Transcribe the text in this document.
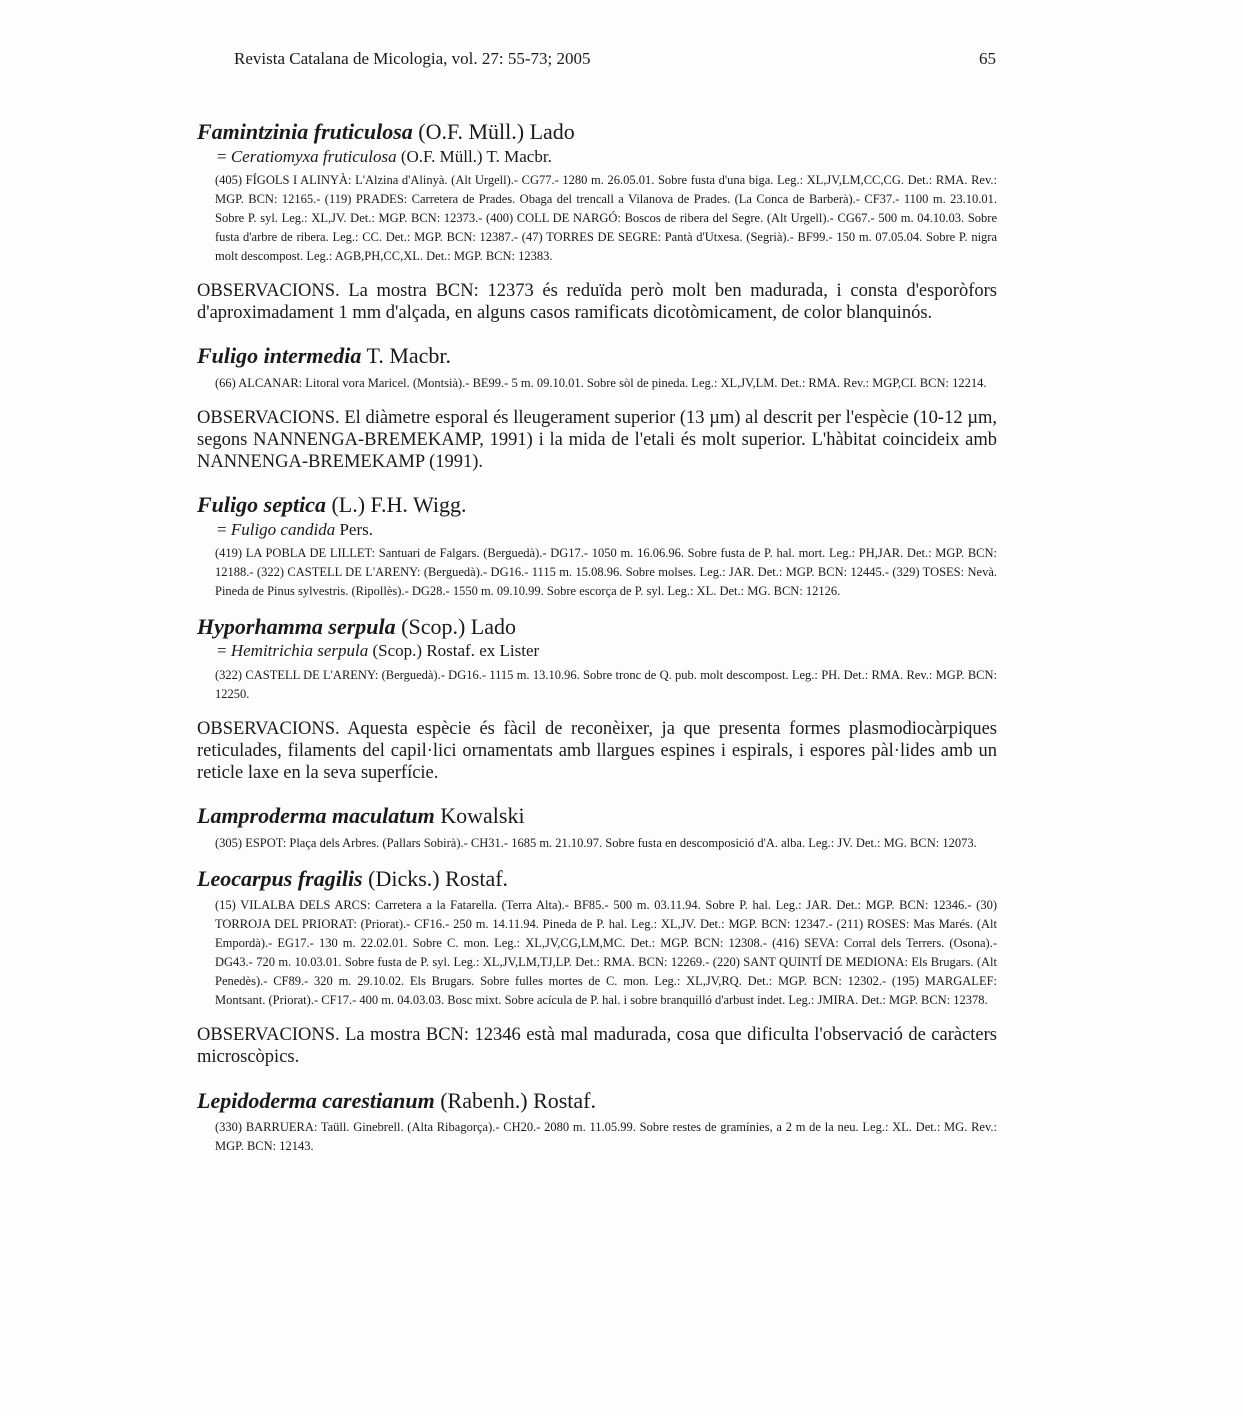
Revista Catalana de Micologia, vol. 27: 55-73; 2005	65

Famintzinia fruticulosa (O.F. Müll.) Lado

= Ceratiomyxa fruticulosa (O.F. Müll.) T. Macbr.

(405) FÍGOLS I ALINYÀ: L'Alzina d'Alinyà. (Alt Urgell).- CG77.- 1280 m. 26.05.01. Sobre fusta d'una biga. Leg.: XL,JV,LM,CC,CG. Det.: RMA. Rev.: MGP. BCN: 12165.- (119) PRADES: Carretera de Prades. Obaga del trencall a Vilanova de Prades. (La Conca de Barberà).- CF37.- 1100 m. 23.10.01. Sobre P. syl. Leg.: XL,JV. Det.: MGP. BCN: 12373.- (400) COLL DE NARGÓ: Boscos de ribera del Segre. (Alt Urgell).- CG67.- 500 m. 04.10.03. Sobre fusta d'arbre de ribera. Leg.: CC. Det.: MGP. BCN: 12387.- (47) TORRES DE SEGRE: Pantà d'Utxesa. (Segrià).- BF99.- 150 m. 07.05.04. Sobre P. nigra molt descompost. Leg.: AGB,PH,CC,XL. Det.: MGP. BCN: 12383.

OBSERVACIONS. La mostra BCN: 12373 és reduïda però molt ben madurada, i consta d'esporòfors d'aproximadament 1 mm d'alçada, en alguns casos ramificats dicotòmicament, de color blanquinós.

Fuligo intermedia T. Macbr.

(66) ALCANAR: Litoral vora Maricel. (Montsià).- BE99.- 5 m. 09.10.01. Sobre sòl de pineda. Leg.: XL,JV,LM. Det.: RMA. Rev.: MGP,CI. BCN: 12214.

OBSERVACIONS. El diàmetre esporal és lleugerament superior (13 µm) al descrit per l'espècie (10-12 µm, segons NANNENGA-BREMEKAMP, 1991) i la mida de l'etali és molt superior. L'hàbitat coincideix amb NANNENGA-BREMEKAMP (1991).

Fuligo septica (L.) F.H. Wigg.

= Fuligo candida Pers.

(419) LA POBLA DE LILLET: Santuari de Falgars. (Berguedà).- DG17.- 1050 m. 16.06.96. Sobre fusta de P. hal. mort. Leg.: PH,JAR. Det.: MGP. BCN: 12188.- (322) CASTELL DE L'ARENY: (Berguedà).- DG16.- 1115 m. 15.08.96. Sobre molses. Leg.: JAR. Det.: MGP. BCN: 12445.- (329) TOSES: Nevà. Pineda de Pinus sylvestris. (Ripollès).- DG28.- 1550 m. 09.10.99. Sobre escorça de P. syl. Leg.: XL. Det.: MG. BCN: 12126.

Hyporhamma serpula (Scop.) Lado

= Hemitrichia serpula (Scop.) Rostaf. ex Lister

(322) CASTELL DE L'ARENY: (Berguedà).- DG16.- 1115 m. 13.10.96. Sobre tronc de Q. pub. molt descompost. Leg.: PH. Det.: RMA. Rev.: MGP. BCN: 12250.

OBSERVACIONS. Aquesta espècie és fàcil de reconèixer, ja que presenta formes plasmodiocàrpiques reticulades, filaments del capil·lici ornamentats amb llargues espines i espirals, i espores pàl·lides amb un reticle laxe en la seva superfície.

Lamproderma maculatum Kowalski

(305) ESPOT: Plaça dels Arbres. (Pallars Sobirà).- CH31.- 1685 m. 21.10.97. Sobre fusta en descomposició d'A. alba. Leg.: JV. Det.: MG. BCN: 12073.

Leocarpus fragilis (Dicks.) Rostaf.

(15) VILALBA DELS ARCS: Carretera a la Fatarella. (Terra Alta).- BF85.- 500 m. 03.11.94. Sobre P. hal. Leg.: JAR. Det.: MGP. BCN: 12346.- (30) TORROJA DEL PRIORAT: (Priorat).- CF16.- 250 m. 14.11.94. Pineda de P. hal. Leg.: XL,JV. Det.: MGP. BCN: 12347.- (211) ROSES: Mas Marés. (Alt Empordà).- EG17.- 130 m. 22.02.01. Sobre C. mon. Leg.: XL,JV,CG,LM,MC. Det.: MGP. BCN: 12308.- (416) SEVA: Corral dels Terrers. (Osona).- DG43.- 720 m. 10.03.01. Sobre fusta de P. syl. Leg.: XL,JV,LM,TJ,LP. Det.: RMA. BCN: 12269.- (220) SANT QUINTÍ DE MEDIONA: Els Brugars. (Alt Penedès).- CF89.- 320 m. 29.10.02. Els Brugars. Sobre fulles mortes de C. mon. Leg.: XL,JV,RQ. Det.: MGP. BCN: 12302.- (195) MARGALEF: Montsant. (Priorat).- CF17.- 400 m. 04.03.03. Bosc mixt. Sobre acícula de P. hal. i sobre branquilló d'arbust indet. Leg.: JMIRA. Det.: MGP. BCN: 12378.

OBSERVACIONS. La mostra BCN: 12346 està mal madurada, cosa que dificulta l'observació de caràcters microscòpics.

Lepidoderma carestianum (Rabenh.) Rostaf.

(330) BARRUERA: Taüll. Ginebrell. (Alta Ribagorça).- CH20.- 2080 m. 11.05.99. Sobre restes de gramínies, a 2 m de la neu. Leg.: XL. Det.: MG. Rev.: MGP. BCN: 12143.
